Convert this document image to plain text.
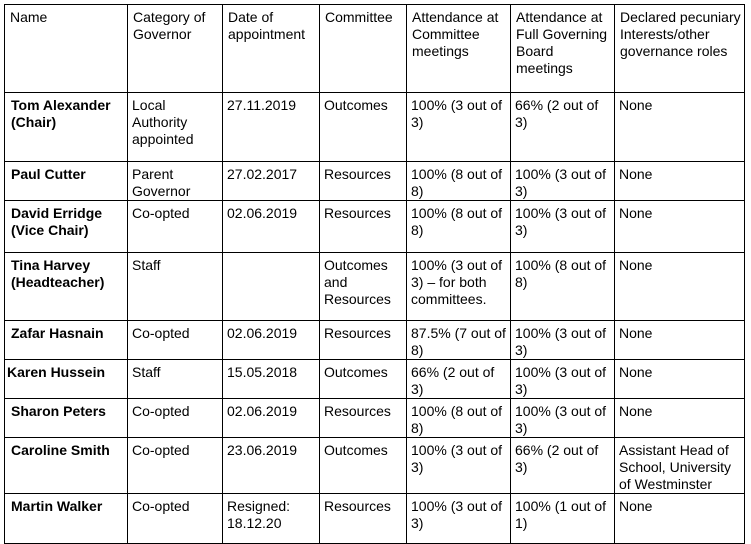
Name	Category of Governor	Date of appointment	Committee	Attendance at Committee meetings	Attendance at Full Governing Board meetings	Declared pecuniary Interests/other governance roles
Tom Alexander (Chair)	Local Authority appointed	27.11.2019	Outcomes	100% (3 out of 3)	66% (2 out of 3)	None
Paul Cutter	Parent Governor	27.02.2017	Resources	100% (8 out of 8)	100% (3 out of 3)	None
David Erridge (Vice Chair)	Co-opted	02.06.2019	Resources	100% (8 out of 8)	100% (3 out of 3)	None
Tina Harvey (Headteacher)	Staff		Outcomes and Resources	100% (3 out of 3) – for both committees.	100% (8 out of 8)	None
Zafar Hasnain	Co-opted	02.06.2019	Resources	87.5% (7 out of 8)	100% (3 out of 3)	None
Karen Hussein	Staff	15.05.2018	Outcomes	66% (2 out of 3)	100% (3 out of 3)	None
Sharon Peters	Co-opted	02.06.2019	Resources	100% (8 out of 8)	100% (3 out of 3)	None
Caroline Smith	Co-opted	23.06.2019	Outcomes	100% (3 out of 3)	66% (2 out of 3)	Assistant Head of School, University of Westminster
Martin Walker	Co-opted	Resigned: 18.12.20	Resources	100% (3 out of 3)	100% (1 out of 1)	None
